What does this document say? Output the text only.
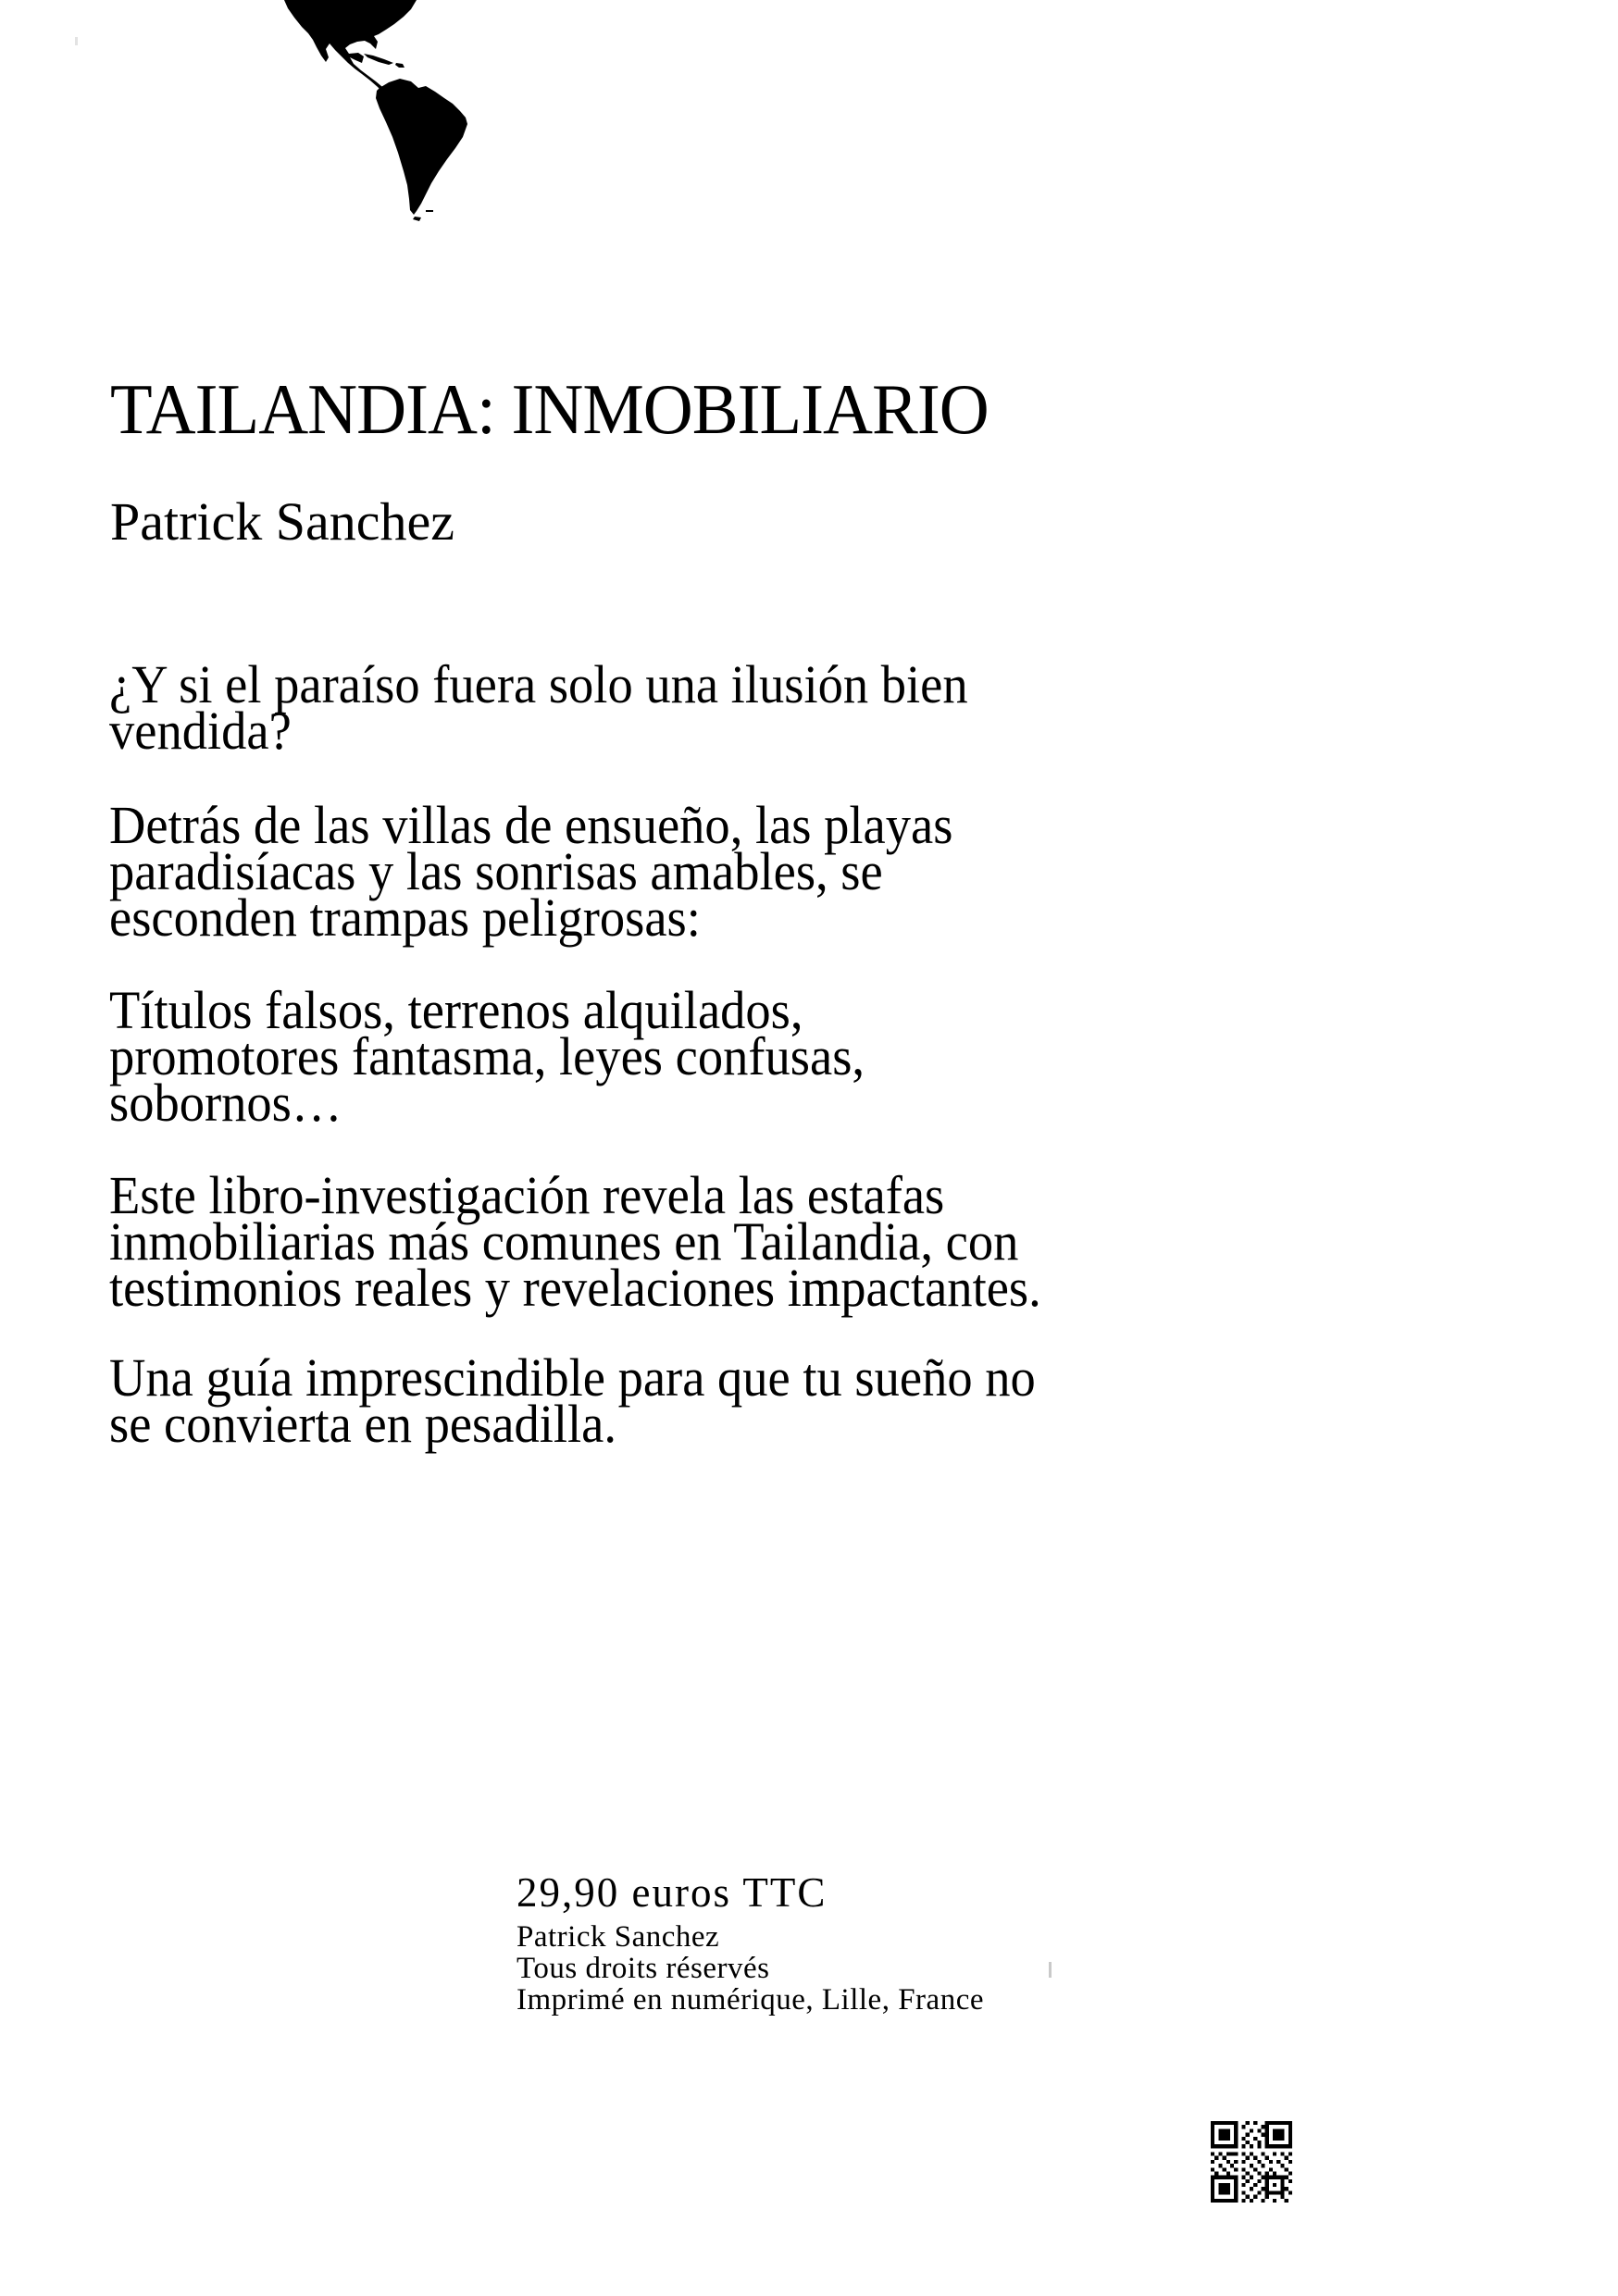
TAILANDIA: INMOBILIARIO
Patrick Sanchez
¿Y si el paraíso fuera solo una ilusión bien
vendida?
Detrás de las villas de ensueño, las playas
paradisíacas y las sonrisas amables, se
esconden trampas peligrosas:
Títulos falsos, terrenos alquilados,
promotores fantasma, leyes confusas,
sobornos…
Este libro-investigación revela las estafas
inmobiliarias más comunes en Tailandia, con
testimonios reales y revelaciones impactantes.
Una guía imprescindible para que tu sueño no
se convierta en pesadilla.
29,90 euros TTC
Patrick Sanchez
Tous droits réservés
Imprimé en numérique, Lille, France
